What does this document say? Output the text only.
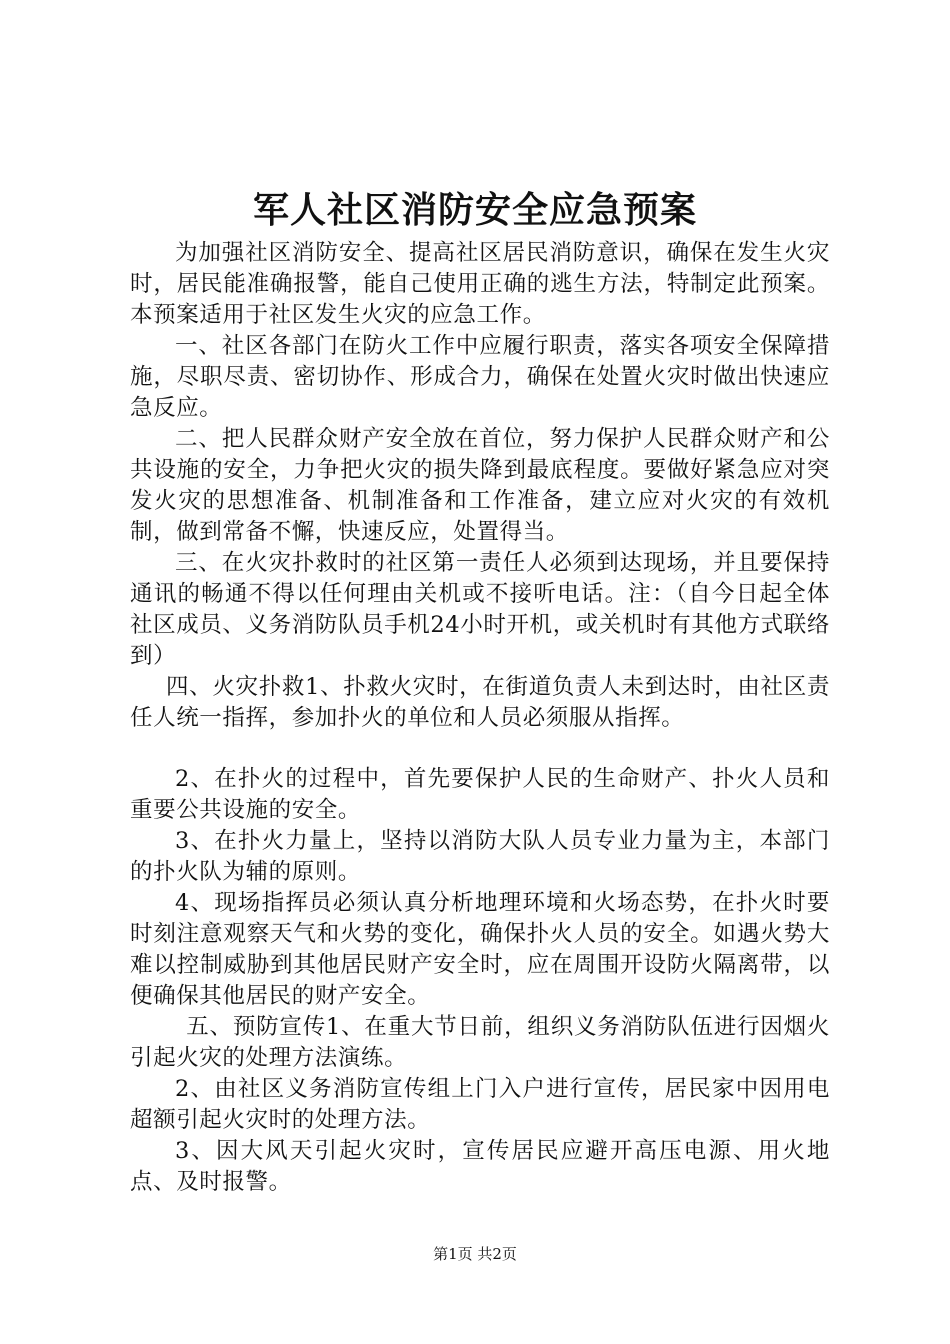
军人社区消防安全应急预案

为加强社区消防安全、提高社区居民消防意识，确保在发生火灾时，居民能准确报警，能自己使用正确的逃生方法，特制定此预案。本预案适用于社区发生火灾的应急工作。

一、社区各部门在防火工作中应履行职责，落实各项安全保障措施，尽职尽责、密切协作、形成合力，确保在处置火灾时做出快速应急反应。

二、把人民群众财产安全放在首位，努力保护人民群众财产和公共设施的安全，力争把火灾的损失降到最底程度。要做好紧急应对突发火灾的思想准备、机制准备和工作准备，建立应对火灾的有效机制，做到常备不懈，快速反应，处置得当。

三、在火灾扑救时的社区第一责任人必须到达现场，并且要保持通讯的畅通不得以任何理由关机或不接听电话。注：（自今日起全体社区成员、义务消防队员手机24小时开机，或关机时有其他方式联络到）

四、火灾扑救1、扑救火灾时，在街道负责人未到达时，由社区责任人统一指挥，参加扑火的单位和人员必须服从指挥。

2、在扑火的过程中，首先要保护人民的生命财产、扑火人员和重要公共设施的安全。

3、在扑火力量上，坚持以消防大队人员专业力量为主，本部门的扑火队为辅的原则。

4、现场指挥员必须认真分析地理环境和火场态势，在扑火时要时刻注意观察天气和火势的变化，确保扑火人员的安全。如遇火势大难以控制威胁到其他居民财产安全时，应在周围开设防火隔离带，以便确保其他居民的财产安全。

五、预防宣传1、在重大节日前，组织义务消防队伍进行因烟火引起火灾的处理方法演练。

2、由社区义务消防宣传组上门入户进行宣传，居民家中因用电超额引起火灾时的处理方法。

3、因大风天引起火灾时，宣传居民应避开高压电源、用火地点、及时报警。

第1页 共2页
